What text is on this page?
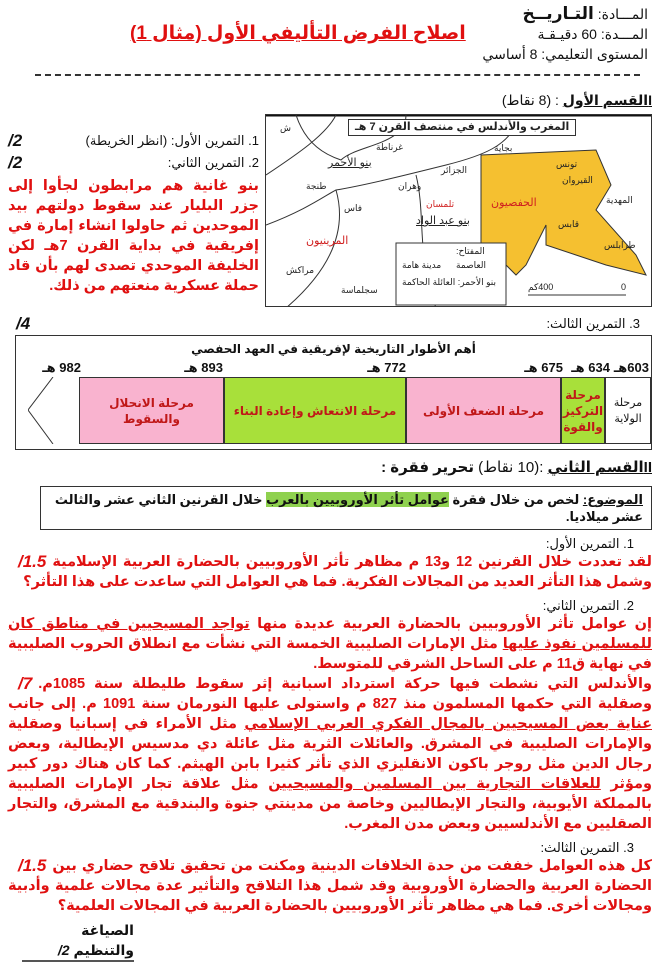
المـــادة: التـاريــخ
المـــدة: 60 دقيـقـة
المستوى التعليمي: 8 أساسي
اصلاح الفرض التأليفي الأول (مثال 1)
Iالقسم الأول : (8 نقاط)
المغرب والأندلس في منتصف القرن 7 هـ
ش
غرناطة
بنو الأحمر
طنجة	وهران
الجزائر
بجاية
تونس
القيروان
المهدية
فاس	تلمسان
بنو عبد الواد
الحفصيون
المرينيون
مراكش
سجلماسة
طرابلس
قابس
المفتاح:
العاصمة
مدينة هامة
بنو الأحمر: العائلة الحاكمة	0
400كم
1. التمرين الأول: (انظر الخريطة)
/2
2. التمرين الثاني:
/2
بنو غانية هم مرابطون لجأوا إلى جزر البليار عند سقوط دولتهم بيد الموحدين ثم حاولوا انشاء إمارة في إفريقية في بداية القرن 7هـ لكن الخليفة الموحدي تصدى لهم بأن قاد حملة عسكرية منعتهم من ذلك.
3. التمرين الثالث:
/4
أهم الأطوار التاريخية لإفريقية في العهد الحفصي
603هـ
634 هـ
675 هـ
772 هـ
893 هـ
982 هـ
مرحلة الولاية
مرحلة التركيز والقوة
مرحلة الضعف الأولى
مرحلة الانتعاش وإعادة البناء
مرحلة الانحلال والسقوط
IIالقسم الثاني :(10 نقاط) تحرير فقرة :
الموضوع: لخص من خلال فقرة عوامل تأثر الأوروبيين بالعرب خلال القرنين الثاني عشر والثالث عشر ميلاديا.
1. التمرين الأول:
/1.5 لقد تعددت خلال القرنين 12 و13 م مظاهر تأثر الأوروبيين بالحضارة العربية الإسلامية وشمل هذا التأثر العديد من المجالات الفكرية. فما هي العوامل التي ساعدت على هذا التأثر؟
2. التمرين الثاني:
إن عوامل تأثر الأوروبيين بالحضارة العربية عديدة منها تواجد المسيحيين في مناطق كان للمسلمين نفوذ عليها مثل الإمارات الصليبية الخمسة التي نشأت مع انطلاق الحروب الصليبية في نهاية ق11 م على الساحل الشرقي للمتوسط.
/7 والأندلس التي نشطت فيها حركة استرداد اسبانية إثر سقوط طليطلة سنة 1085م. وصقلية التي حكمها المسلمون منذ 827 م واستولى عليها النورمان سنة 1091 م. إلى جانب عناية بعض المسيحيين بالمجال الفكري العربي الإسلامي مثل الأمراء في إسبانيا وصقلية والإمارات الصليبية في المشرق. والعائلات الثرية مثل عائلة دي مدسيس الإيطالية، وبعض رجال الدين مثل روجر باكون الانقليزي الذي تأثر كثيرا بابن الهيثم. كما كان هناك دور كبير ومؤثر للعلاقات التجارية بين المسلمين والمسيحيين مثل علاقة تجار الإمارات الصليبية بالمملكة الأيوبية، والتجار الإيطاليين وخاصة من مدينتي جنوة والبندقية مع المشرق، والتجار الصقليين مع الأندلسيين وبعض مدن المغرب.
3. التمرين الثالث:
/1.5 كل هذه العوامل خففت من حدة الخلافات الدينية ومكنت من تحقيق تلاقح حضاري بين الحضارة العربية والحضارة الأوروبية وقد شمل هذا التلاقح والتأثير عدة مجالات علمية وأدبية ومجالات أخرى. فما هي مظاهر تأثر الأوروبيين بالحضارة العربية في المجالات العلمية؟
الصياغة والتنظيم 2/
